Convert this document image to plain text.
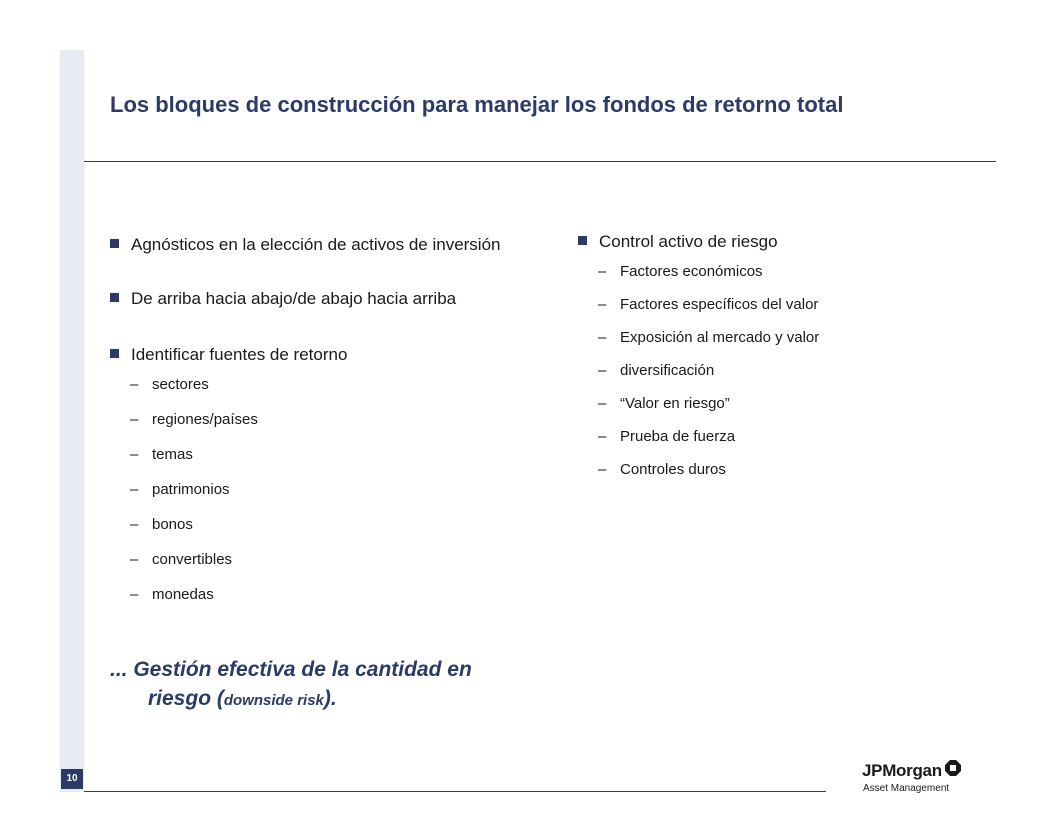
Los bloques de construcción para manejar los fondos de retorno total
Agnósticos en la elección de activos de inversión
De arriba hacia abajo/de abajo hacia arriba
Identificar fuentes de retorno
– sectores
– regiones/países
– temas
– patrimonios
– bonos
– convertibles
– monedas
Control activo de riesgo
– Factores económicos
– Factores específicos del valor
– Exposición al mercado y valor
– diversificación
– “Valor en riesgo”
– Prueba de fuerza
– Controles duros
... Gestión efectiva de la cantidad en
riesgo (downside risk).
10	JPMorgan
Asset Management
